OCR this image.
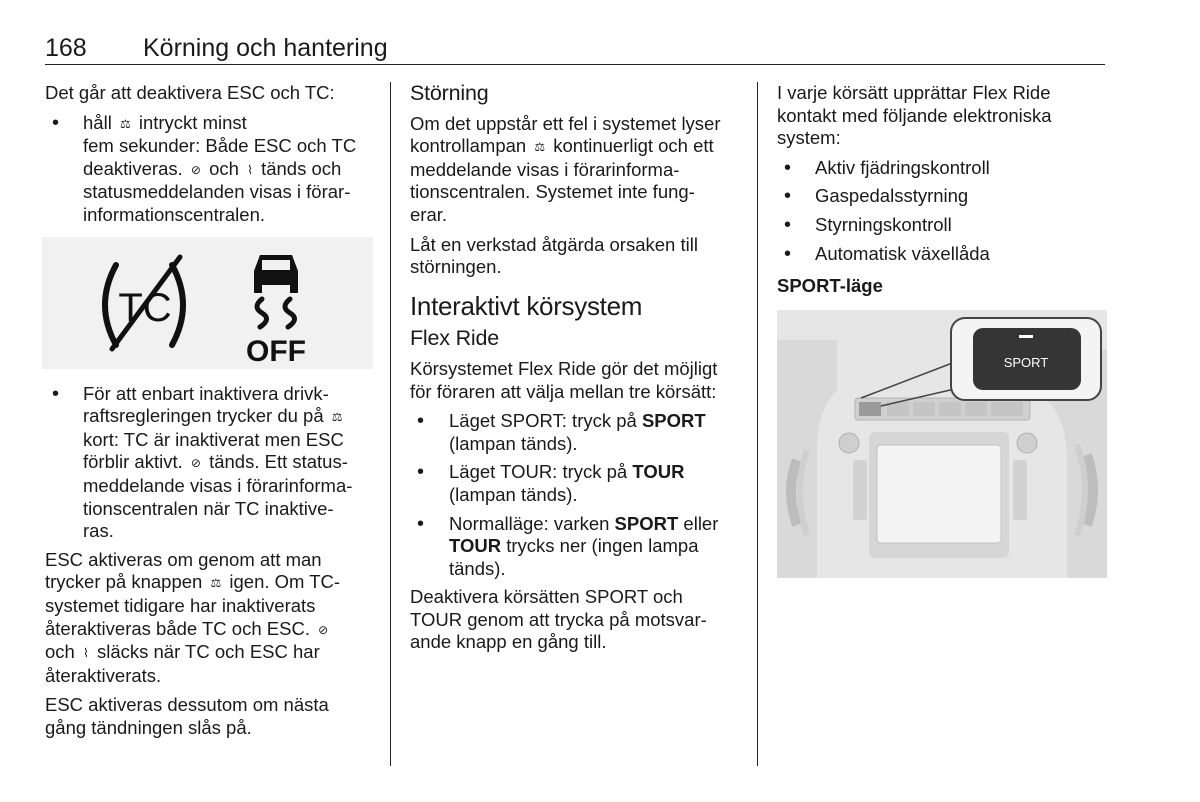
168 Körning och hantering

Det går att deaktivera ESC och TC:

• håll ⚖ intryckt minst
fem sekunder: Både ESC och TC
deaktiveras. ⊘ och ⌇ tänds och
statusmeddelanden visas i förar-
informationscentralen.
TC
OFF
• För att enbart inaktivera drivk-
raftsregleringen trycker du på ⚖
kort: TC är inaktiverat men ESC
förblir aktivt. ⊘ tänds. Ett status-
meddelande visas i förarinforma-
tionscentralen när TC inaktive-
ras.

ESC aktiveras om genom att man
trycker på knappen ⚖ igen. Om TC-
systemet tidigare har inaktiverats
återaktiveras både TC och ESC. ⊘
och ⌇ släcks när TC och ESC har
återaktiverats.

ESC aktiveras dessutom om nästa
gång tändningen slås på.

Störning

Om det uppstår ett fel i systemet lyser
kontrollampan ⚖ kontinuerligt och ett
meddelande visas i förarinforma-
tionscentralen. Systemet inte fung-
erar.

Låt en verkstad åtgärda orsaken till
störningen.

Interaktivt körsystem
Flex Ride

Körsystemet Flex Ride gör det möjligt
för föraren att välja mellan tre körsätt:

• Läget SPORT: tryck på SPORT
(lampan tänds).
• Läget TOUR: tryck på TOUR
(lampan tänds).
• Normalläge: varken SPORT eller
TOUR trycks ner (ingen lampa
tänds).

Deaktivera körsätten SPORT och
TOUR genom att trycka på motsvar-
ande knapp en gång till.

I varje körsätt upprättar Flex Ride
kontakt med följande elektroniska
system:

• Aktiv fjädringskontroll
• Gaspedalsstyrning
• Styrningskontroll
• Automatisk växellåda
SPORT-läge
SPORT
